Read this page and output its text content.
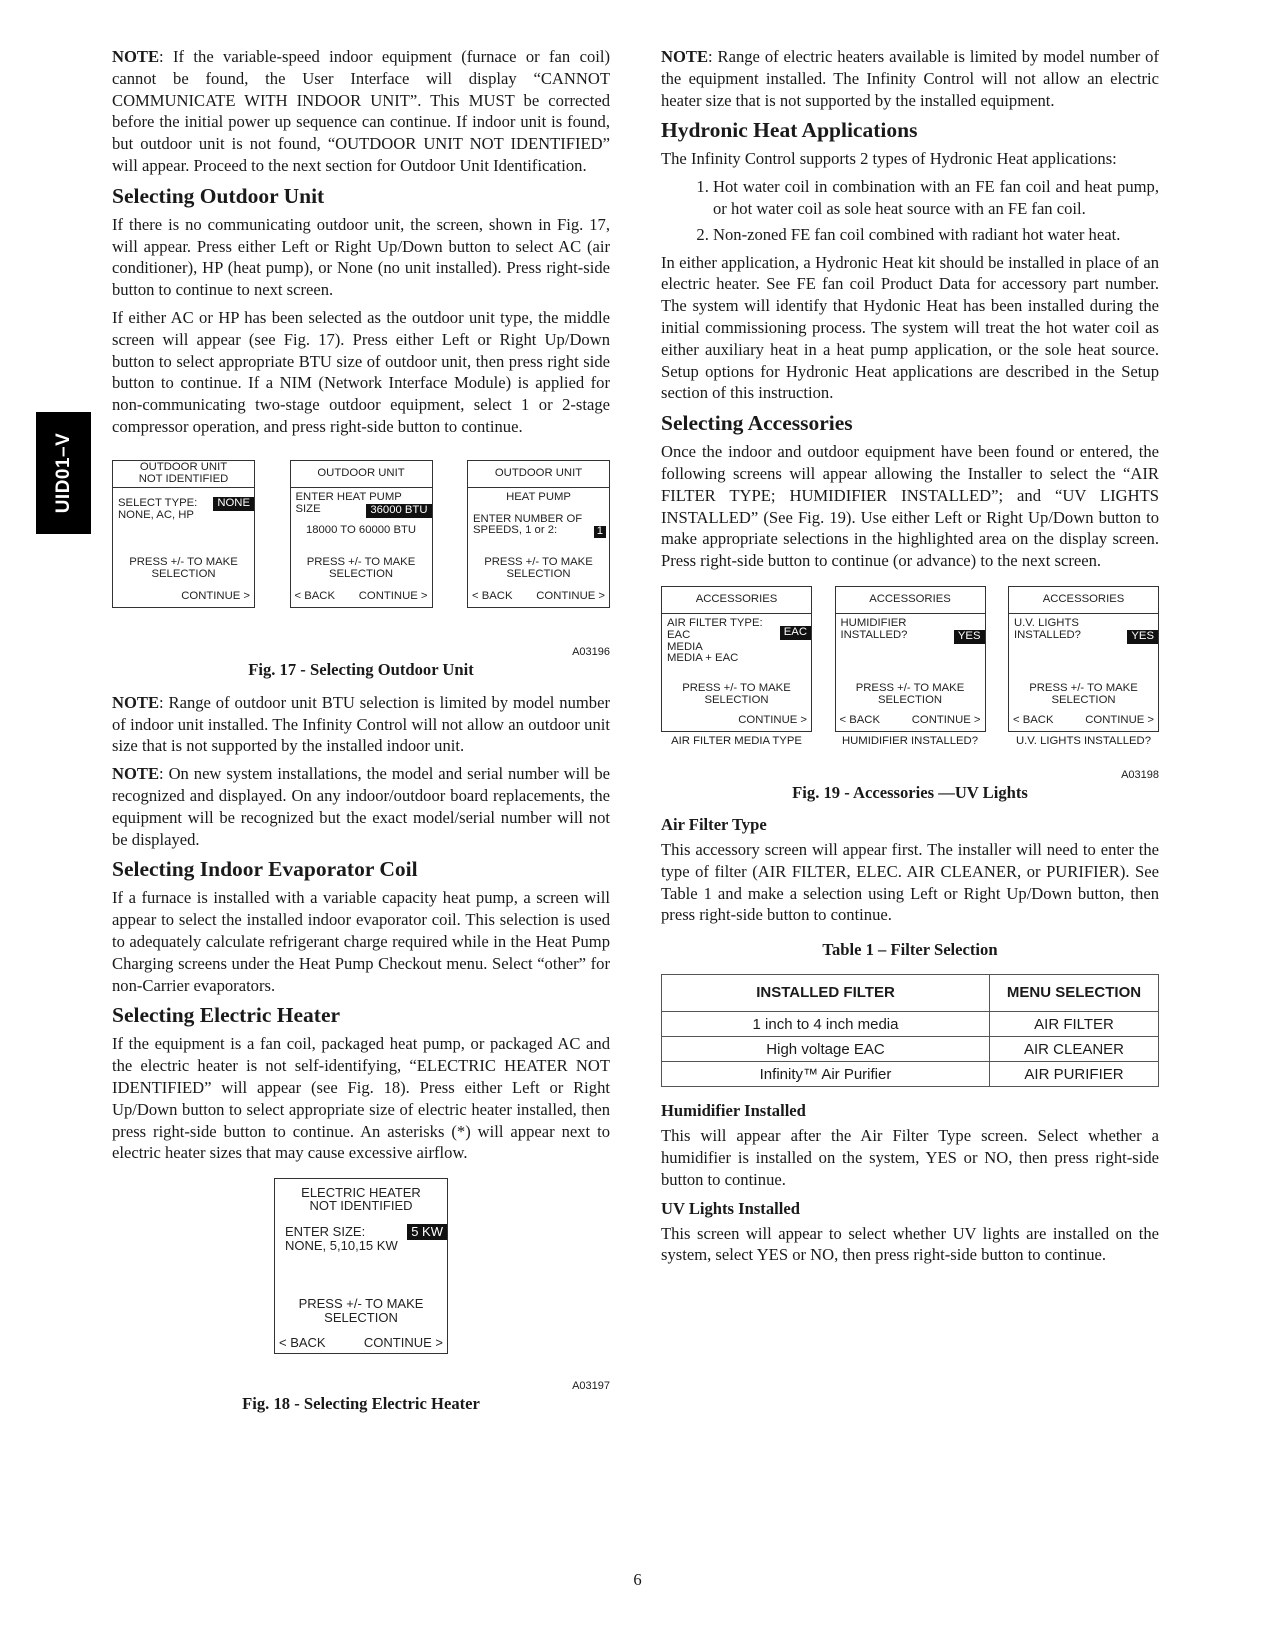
UID01–V

NOTE: If the variable-speed indoor equipment (furnace or fan coil) cannot be found, the User Interface will display “CANNOT COMMUNICATE WITH INDOOR UNIT”. This MUST be corrected before the initial power up sequence can continue. If indoor unit is found, but outdoor unit is not found, “OUTDOOR UNIT NOT IDENTIFIED” will appear. Proceed to the next section for Outdoor Unit Identification.

Selecting Outdoor Unit

If there is no communicating outdoor unit, the screen, shown in Fig. 17, will appear. Press either Left or Right Up/Down button to select AC (air conditioner), HP (heat pump), or None (no unit installed). Press right-side button to continue to next screen.

If either AC or HP has been selected as the outdoor unit type, the middle screen will appear (see Fig. 17). Press either Left or Right Up/Down button to select appropriate BTU size of outdoor unit, then press right side button to continue. If a NIM (Network Interface Module) is applied for non-communicating two-stage outdoor equipment, select 1 or 2-stage compressor operation, and press right-side button to continue.

OUTDOOR UNIT
NOT IDENTIFIED
SELECT TYPE:	NONE
NONE, AC, HP
PRESS +/- TO MAKE
SELECTION
CONTINUE >
OUTDOOR UNIT
ENTER HEAT PUMP
36000 BTU
SIZE
18000 TO 60000 BTU
PRESS +/- TO MAKE
SELECTION
< BACK CONTINUE >
OUTDOOR UNIT
HEAT PUMP
ENTER NUMBER OF
SPEEDS, 1 or 2:	1
PRESS +/- TO MAKE
SELECTION
< BACK CONTINUE >
A03196
Fig. 17 - Selecting Outdoor Unit

NOTE: Range of outdoor unit BTU selection is limited by model number of indoor unit installed. The Infinity Control will not allow an outdoor unit size that is not supported by the installed indoor unit.

NOTE: On new system installations, the model and serial number will be recognized and displayed. On any indoor/outdoor board replacements, the equipment will be recognized but the exact model/serial number will not be displayed.

Selecting Indoor Evaporator Coil

If a furnace is installed with a variable capacity heat pump, a screen will appear to select the installed indoor evaporator coil. This selection is used to adequately calculate refrigerant charge required while in the Heat Pump Charging screens under the Heat Pump Checkout menu. Select “other” for non-Carrier evaporators.

Selecting Electric Heater

If the equipment is a fan coil, packaged heat pump, or packaged AC and the electric heater is not self-identifying, “ELECTRIC HEATER NOT IDENTIFIED” will appear (see Fig. 18). Press either Left or Right Up/Down button to select appropriate size of electric heater installed, then press right-side button to continue. An asterisks (*) will appear next to electric heater sizes that may cause excessive airflow.

ELECTRIC HEATER
NOT IDENTIFIED
ENTER SIZE:	5 KW
NONE, 5,10,15 KW
PRESS +/- TO MAKE
SELECTION
< BACK	CONTINUE >
A03197
Fig. 18 - Selecting Electric Heater

NOTE: Range of electric heaters available is limited by model number of the equipment installed. The Infinity Control will not allow an electric heater size that is not supported by the installed equipment.

Hydronic Heat Applications

The Infinity Control supports 2 types of Hydronic Heat applications:

1. Hot water coil in combination with an FE fan coil and heat pump, or hot water coil as sole heat source with an FE fan coil.
2. Non-zoned FE fan coil combined with radiant hot water heat.

In either application, a Hydronic Heat kit should be installed in place of an electric heater. See FE fan coil Product Data for accessory part number. The system will identify that Hydonic Heat has been installed during the initial commissioning process. The system will treat the hot water coil as either auxiliary heat in a heat pump application, or the sole heat source. Setup options for Hydronic Heat applications are described in the Setup section of this instruction.

Selecting Accessories

Once the indoor and outdoor equipment have been found or entered, the following screens will appear allowing the Installer to select the “AIR FILTER TYPE; HUMIDIFIER INSTALLED”; and “UV LIGHTS INSTALLED” (See Fig. 19). Use either Left or Right Up/Down button to make appropriate selections in the highlighted area on the display screen. Press right-side button to continue (or advance) to the next screen.

ACCESSORIES
AIR FILTER TYPE:
EAC	EAC
MEDIA
MEDIA + EAC
PRESS +/- TO MAKE
SELECTION
CONTINUE >
AIR FILTER MEDIA TYPE
ACCESSORIES
HUMIDIFIER
INSTALLED?	YES
PRESS +/- TO MAKE
SELECTION
< BACK	CONTINUE >
HUMIDIFIER INSTALLED?
ACCESSORIES
U.V. LIGHTS
INSTALLED?	YES
PRESS +/- TO MAKE
SELECTION
< BACK	CONTINUE >
U.V. LIGHTS INSTALLED?
A03198
Fig. 19 - Accessories —UV Lights
Air Filter Type

This accessory screen will appear first. The installer will need to enter the type of filter (AIR FILTER, ELEC. AIR CLEANER, or PURIFIER). See Table 1 and make a selection using Left or Right Up/Down button, then press right-side button to continue.

Table 1 – Filter Selection
INSTALLED FILTER	MENU SELECTION
1 inch to 4 inch media	AIR FILTER
High voltage EAC	AIR CLEANER
Infinity™ Air Purifier	AIR PURIFIER
Humidifier Installed

This will appear after the Air Filter Type screen. Select whether a humidifier is installed on the system, YES or NO, then press right-side button to continue.

UV Lights Installed

This screen will appear to select whether UV lights are installed on the system, select YES or NO, then press right-side button to continue.

6
